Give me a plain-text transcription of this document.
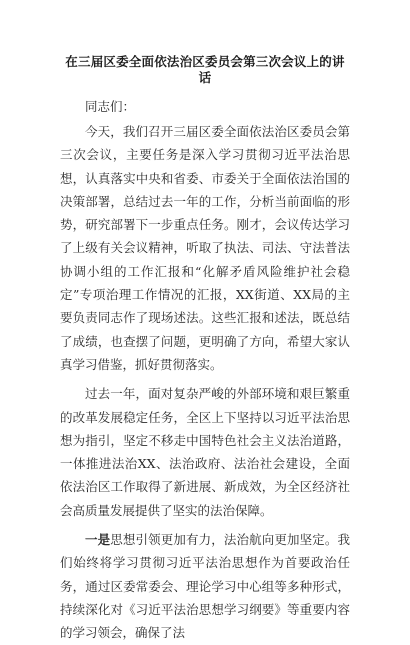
在三届区委全面依法治区委员会第三次会议上的讲话
同志们：

今天，我们召开三届区委全面依法治区委员会第三次会议，主要任务是深入学习贯彻习近平法治思想，认真落实中央和省委、市委关于全面依法治国的决策部署，总结过去一年的工作，分析当前面临的形势，研究部署下一步重点任务。刚才，会议传达学习了上级有关会议精神，听取了执法、司法、守法普法协调小组的工作汇报和“化解矛盾风险维护社会稳定”专项治理工作情况的汇报，XX街道、XX局的主要负责同志作了现场述法。这些汇报和述法，既总结了成绩，也查摆了问题，更明确了方向，希望大家认真学习借鉴，抓好贯彻落实。

过去一年，面对复杂严峻的外部环境和艰巨繁重的改革发展稳定任务，全区上下坚持以习近平法治思想为指引，坚定不移走中国特色社会主义法治道路，一体推进法治XX、法治政府、法治社会建设，全面依法治区工作取得了新进展、新成效，为全区经济社会高质量发展提供了坚实的法治保障。

一是思想引领更加有力，法治航向更加坚定。我们始终将学习贯彻习近平法治思想作为首要政治任务，通过区委常委会、理论学习中心组等多种形式，持续深化对《习近平法治思想学习纲要》等重要内容的学习领会，确保了法
